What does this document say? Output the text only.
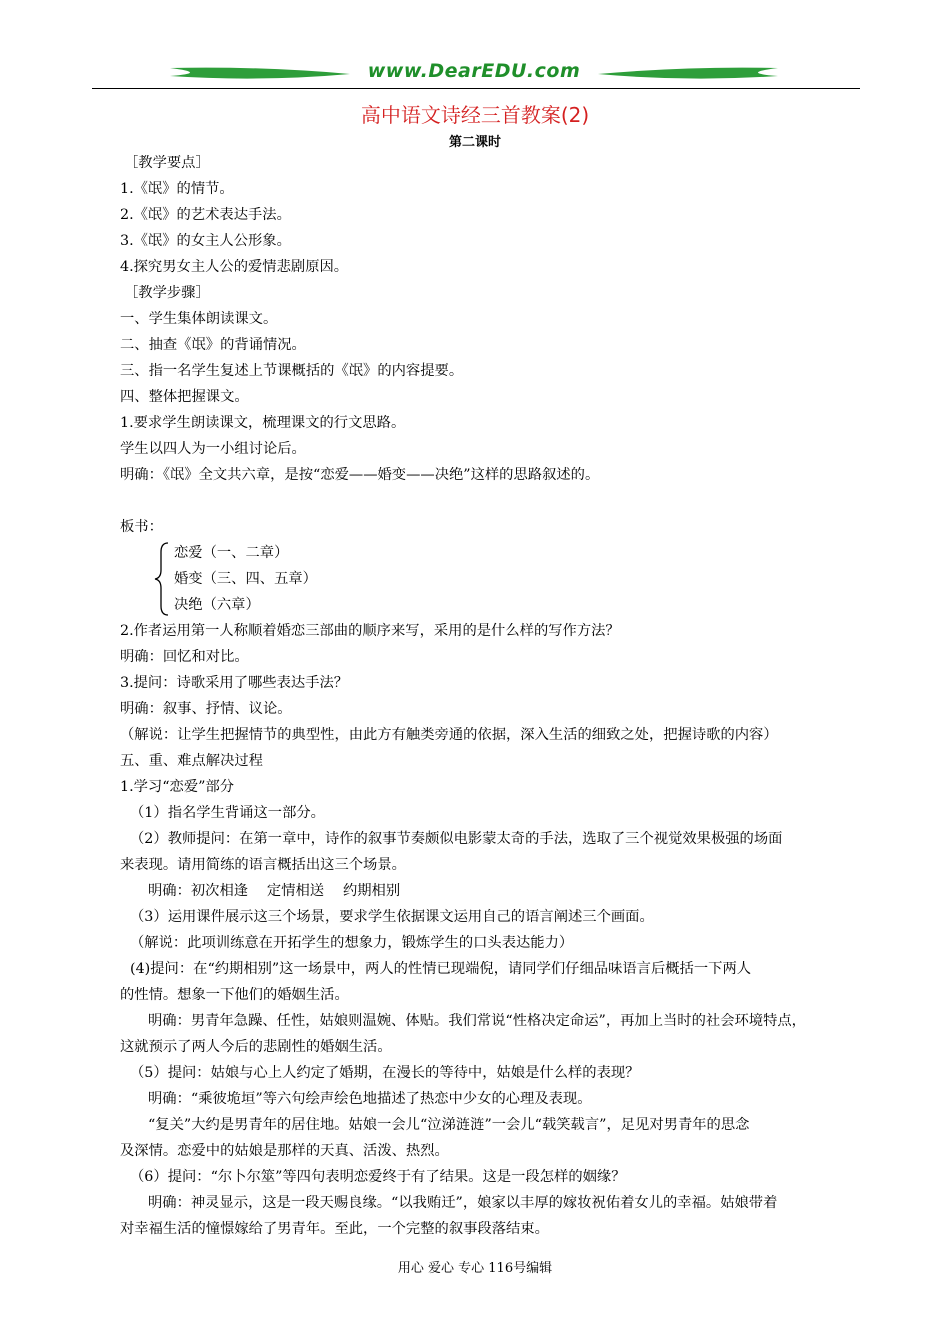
www.DearEDU.com
高中语文诗经三首教案(2)
第二课时
［教学要点］
1.《氓》的情节。
2.《氓》的艺术表达手法。
3.《氓》的女主人公形象。
4.探究男女主人公的爱情悲剧原因。
［教学步骤］
一、学生集体朗读课文。
二、抽查《氓》的背诵情况。
三、指一名学生复述上节课概括的《氓》的内容提要。
四、整体把握课文。
1.要求学生朗读课文，梳理课文的行文思路。
学生以四人为一小组讨论后。
明确：《氓》全文共六章，是按“恋爱——婚变——决绝”这样的思路叙述的。
板书：
恋爱（一、二章）
婚变（三、四、五章）
决绝（六章）
2.作者运用第一人称顺着婚恋三部曲的顺序来写，采用的是什么样的写作方法？
明确：回忆和对比。
3.提问：诗歌采用了哪些表达手法？
明确：叙事、抒情、议论。
（解说：让学生把握情节的典型性，由此方有触类旁通的依据，深入生活的细致之处，把握诗歌的内容）
五、重、难点解决过程
1.学习“恋爱”部分
（1）指名学生背诵这一部分。
（2）教师提问：在第一章中，诗作的叙事节奏颇似电影蒙太奇的手法，选取了三个视觉效果极强的场面
来表现。请用简练的语言概括出这三个场景。
明确：初次相逢　 定情相送　 约期相别
（3）运用课件展示这三个场景，要求学生依据课文运用自己的语言阐述三个画面。
（解说：此项训练意在开拓学生的想象力，锻炼学生的口头表达能力）
(4)提问：在“约期相别”这一场景中，两人的性情已现端倪，请同学们仔细品味语言后概括一下两人
的性情。想象一下他们的婚姻生活。
明确：男青年急躁、任性，姑娘则温婉、体贴。我们常说“性格决定命运”，再加上当时的社会环境特点，
这就预示了两人今后的悲剧性的婚姻生活。
（5）提问：姑娘与心上人约定了婚期，在漫长的等待中，姑娘是什么样的表现？
明确：“乘彼垝垣”等六句绘声绘色地描述了热恋中少女的心理及表现。
“复关”大约是男青年的居住地。姑娘一会儿“泣涕涟涟”一会儿“载笑载言”，足见对男青年的思念
及深情。恋爱中的姑娘是那样的天真、活泼、热烈。
（6）提问：“尔卜尔筮”等四句表明恋爱终于有了结果。这是一段怎样的姻缘？
明确：神灵显示，这是一段天赐良缘。“以我贿迁”，娘家以丰厚的嫁妆祝佑着女儿的幸福。姑娘带着
对幸福生活的憧憬嫁给了男青年。至此，一个完整的叙事段落结束。
用心 爱心 专心 116号编辑
